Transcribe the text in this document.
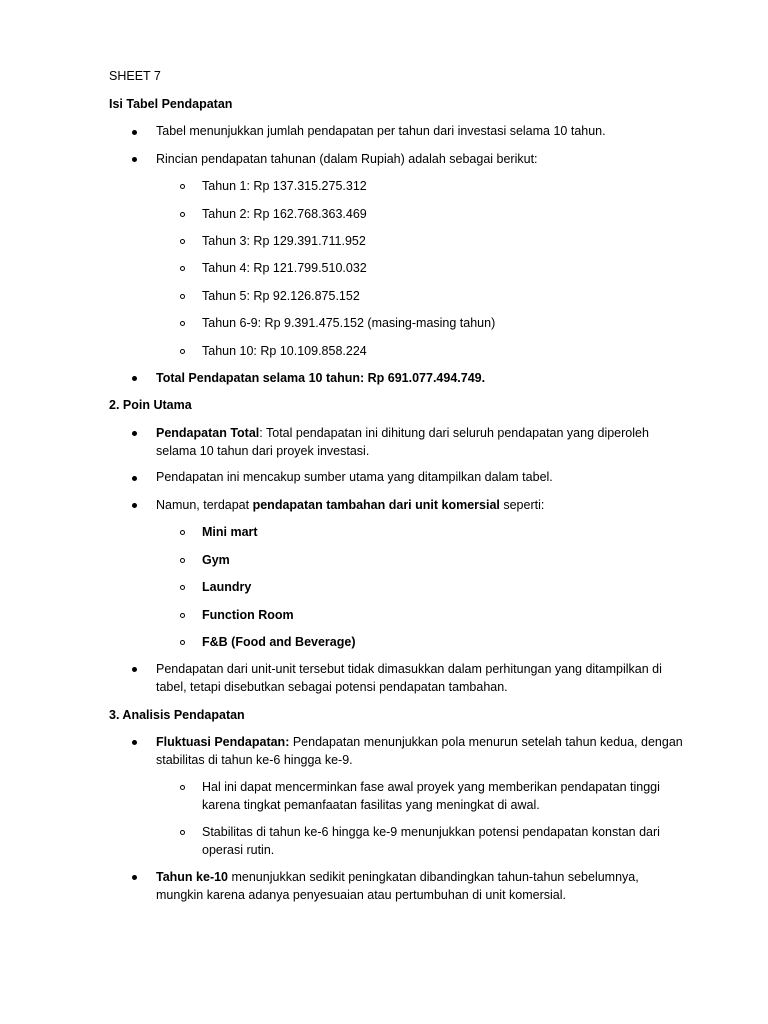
SHEET 7
Isi Tabel Pendapatan
Tabel menunjukkan jumlah pendapatan per tahun dari investasi selama 10 tahun.
Rincian pendapatan tahunan (dalam Rupiah) adalah sebagai berikut:
Tahun 1: Rp 137.315.275.312
Tahun 2: Rp 162.768.363.469
Tahun 3: Rp 129.391.711.952
Tahun 4: Rp 121.799.510.032
Tahun 5: Rp 92.126.875.152
Tahun 6-9: Rp 9.391.475.152 (masing-masing tahun)
Tahun 10: Rp 10.109.858.224
Total Pendapatan selama 10 tahun: Rp 691.077.494.749.
2. Poin Utama
Pendapatan Total: Total pendapatan ini dihitung dari seluruh pendapatan yang diperoleh
selama 10 tahun dari proyek investasi.
Pendapatan ini mencakup sumber utama yang ditampilkan dalam tabel.
Namun, terdapat pendapatan tambahan dari unit komersial seperti:
Mini mart
Gym
Laundry
Function Room
F&B (Food and Beverage)
Pendapatan dari unit-unit tersebut tidak dimasukkan dalam perhitungan yang ditampilkan di
tabel, tetapi disebutkan sebagai potensi pendapatan tambahan.
3. Analisis Pendapatan
Fluktuasi Pendapatan: Pendapatan menunjukkan pola menurun setelah tahun kedua, dengan
stabilitas di tahun ke-6 hingga ke-9.
Hal ini dapat mencerminkan fase awal proyek yang memberikan pendapatan tinggi
karena tingkat pemanfaatan fasilitas yang meningkat di awal.
Stabilitas di tahun ke-6 hingga ke-9 menunjukkan potensi pendapatan konstan dari
operasi rutin.
Tahun ke-10 menunjukkan sedikit peningkatan dibandingkan tahun-tahun sebelumnya,
mungkin karena adanya penyesuaian atau pertumbuhan di unit komersial.
